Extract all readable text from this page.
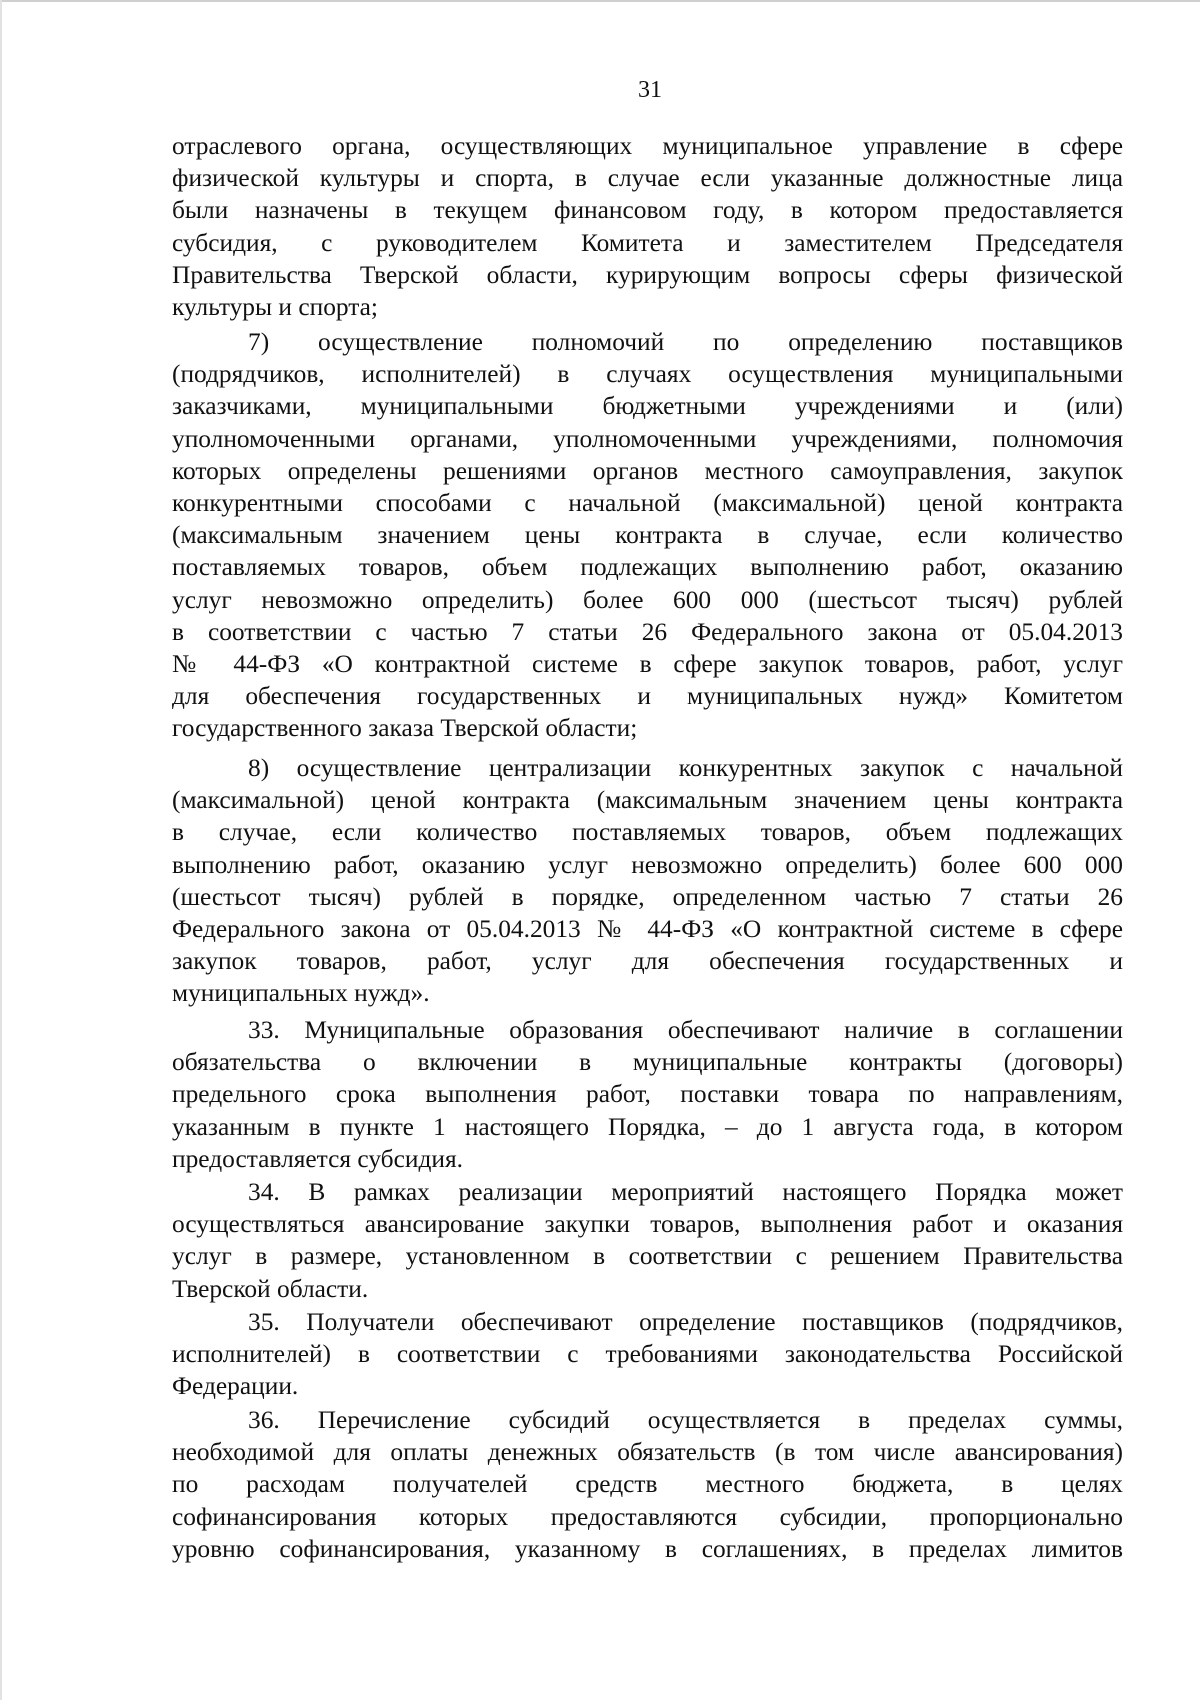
31
отраслевого органа, осуществляющих муниципальное управление в сфере
физической культуры и спорта, в случае если указанные должностные лица
были назначены в текущем финансовом году, в котором предоставляется
субсидия, с руководителем Комитета и заместителем Председателя
Правительства Тверской области, курирующим вопросы сферы физической
культуры и спорта;
7) осуществление полномочий по определению поставщиков
(подрядчиков, исполнителей) в случаях осуществления муниципальными
заказчиками, муниципальными бюджетными учреждениями и (или)
уполномоченными органами, уполномоченными учреждениями, полномочия
которых определены решениями органов местного самоуправления, закупок
конкурентными способами с начальной (максимальной) ценой контракта
(максимальным значением цены контракта в случае, если количество
поставляемых товаров, объем подлежащих выполнению работ, оказанию
услуг невозможно определить) более 600 000 (шестьсот тысяч) рублей
в соответствии с частью 7 статьи 26 Федерального закона от 05.04.2013
№ 44-ФЗ «О контрактной системе в сфере закупок товаров, работ, услуг
для обеспечения государственных и муниципальных нужд» Комитетом
государственного заказа Тверской области;
8) осуществление централизации конкурентных закупок с начальной
(максимальной) ценой контракта (максимальным значением цены контракта
в случае, если количество поставляемых товаров, объем подлежащих
выполнению работ, оказанию услуг невозможно определить) более 600 000
(шестьсот тысяч) рублей в порядке, определенном частью 7 статьи 26
Федерального закона от 05.04.2013 № 44-ФЗ «О контрактной системе в сфере
закупок товаров, работ, услуг для обеспечения государственных и
муниципальных нужд».
33. Муниципальные образования обеспечивают наличие в соглашении
обязательства о включении в муниципальные контракты (договоры)
предельного срока выполнения работ, поставки товара по направлениям,
указанным в пункте 1 настоящего Порядка, – до 1 августа года, в котором
предоставляется субсидия.
34. В рамках реализации мероприятий настоящего Порядка может
осуществляться авансирование закупки товаров, выполнения работ и оказания
услуг в размере, установленном в соответствии с решением Правительства
Тверской области.
35. Получатели обеспечивают определение поставщиков (подрядчиков,
исполнителей) в соответствии с требованиями законодательства Российской
Федерации.
36. Перечисление субсидий осуществляется в пределах суммы,
необходимой для оплаты денежных обязательств (в том числе авансирования)
по расходам получателей средств местного бюджета, в целях
софинансирования которых предоставляются субсидии, пропорционально
уровню софинансирования, указанному в соглашениях, в пределах лимитов
